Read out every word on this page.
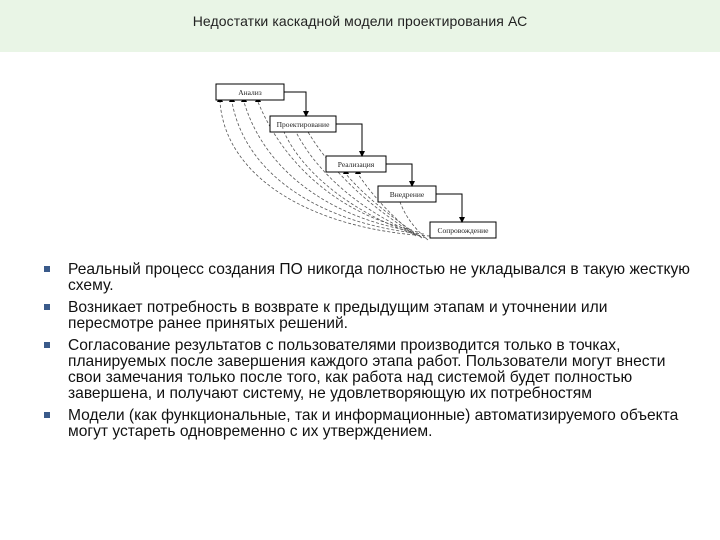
Недостатки каскадной модели проектирования АС
Анализ
Проектирование
Реализация
Внедрение
Сопровождение
Реальный процесс создания ПО никогда полностью не укладывался в такую жесткую схему.
Возникает потребность в возврате к предыдущим этапам и уточнении или пересмотре ранее принятых решений.
Согласование результатов с пользователями производится только в точках, планируемых после завершения каждого этапа работ. Пользователи могут внести свои замечания только после того, как работа над системой будет полностью завершена, и получают систему, не удовлетворяющую их потребностям
Модели (как функциональные, так и информационные) автоматизируемого объекта могут устареть одновременно с их утверждением.
